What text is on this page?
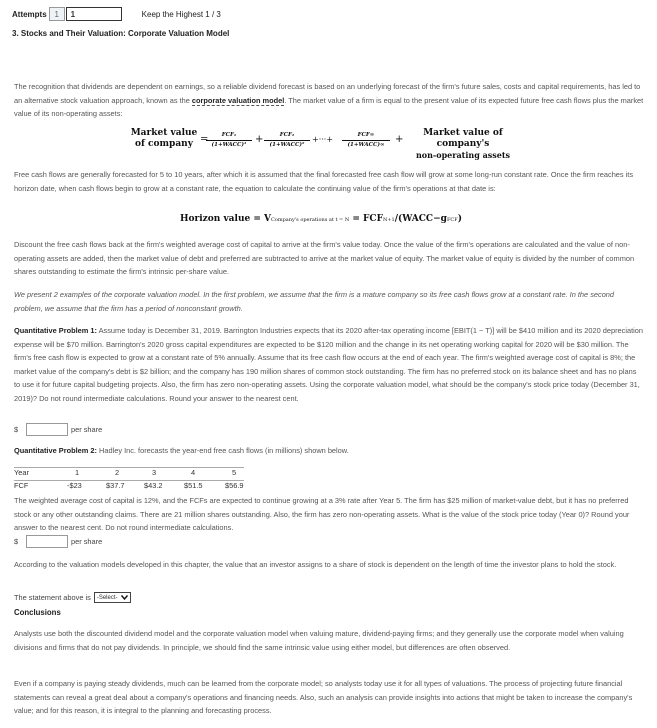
Attempts 1	1	Keep the Highest 1 / 3
3. Stocks and Their Valuation: Corporate Valuation Model

The recognition that dividends are dependent on earnings, so a reliable dividend forecast is based on an underlying forecast of the firm's future sales, costs and capital requirements, has led to an alternative stock valuation approach, known as the corporate valuation model. The market value of a firm is equal to the present value of its expected future free cash flows plus the market value of its non-operating assets:

Market value
of company =	FCF₁
(1+WACC)¹ +	FCF₂
(1+WACC)²
+···+	FCF∞
(1+WACC)∞	+
Market value of company's
non-operating assets

Free cash flows are generally forecasted for 5 to 10 years, after which it is assumed that the final forecasted free cash flow will grow at some long-run constant rate. Once the firm reaches its horizon date, when cash flows begin to grow at a constant rate, the equation to calculate the continuing value of the firm's operations at that date is:

Horizon value = VCompany's operations at t = N = FCFN+1/(WACC−gFCF)

Discount the free cash flows back at the firm's weighted average cost of capital to arrive at the firm's value today. Once the value of the firm's operations are calculated and the value of non-operating assets are added, then the market value of debt and preferred are subtracted to arrive at the market value of equity. The market value of equity is divided by the number of common shares outstanding to estimate the firm's intrinsic per-share value.

We present 2 examples of the corporate valuation model. In the first problem, we assume that the firm is a mature company so its free cash flows grow at a constant rate. In the second problem, we assume that the firm has a period of nonconstant growth.

Quantitative Problem 1: Assume today is December 31, 2019. Barrington Industries expects that its 2020 after-tax operating income [EBIT(1 − T)] will be $410 million and its 2020 depreciation expense will be $70 million. Barrington's 2020 gross capital expenditures are expected to be $120 million and the change in its net operating working capital for 2020 will be $30 million. The firm's free cash flow is expected to grow at a constant rate of 5% annually. Assume that its free cash flow occurs at the end of each year. The firm's weighted average cost of capital is 8%; the market value of the company's debt is $2 billion; and the company has 190 million shares of common stock outstanding. The firm has no preferred stock on its balance sheet and has no plans to use it for future capital budgeting projects. Also, the firm has zero non-operating assets. Using the corporate valuation model, what should be the company's stock price today (December 31, 2019)? Do not round intermediate calculations. Round your answer to the nearest cent.

$	per share

Quantitative Problem 2: Hadley Inc. forecasts the year-end free cash flows (in millions) shown below.

Year	1	2	3	4	5
FCF	-$23	$37.7	$43.2	$51.5	$56.9

The weighted average cost of capital is 12%, and the FCFs are expected to continue growing at a 3% rate after Year 5. The firm has $25 million of market-value debt, but it has no preferred stock or any other outstanding claims. There are 21 million shares outstanding. Also, the firm has zero non-operating assets. What is the value of the stock price today (Year 0)? Round your answer to the nearest cent. Do not round intermediate calculations.

$	per share

According to the valuation models developed in this chapter, the value that an investor assigns to a share of stock is dependent on the length of time the investor plans to hold the stock.

The statement above is -Select-
Conclusions

Analysts use both the discounted dividend model and the corporate valuation model when valuing mature, dividend-paying firms; and they generally use the corporate model when valuing divisions and firms that do not pay dividends. In principle, we should find the same intrinsic value using either model, but differences are often observed.

Even if a company is paying steady dividends, much can be learned from the corporate model; so analysts today use it for all types of valuations. The process of projecting future financial statements can reveal a great deal about a company's operations and financing needs. Also, such an analysis can provide insights into actions that might be taken to increase the company's value; and for this reason, it is integral to the planning and forecasting process.
